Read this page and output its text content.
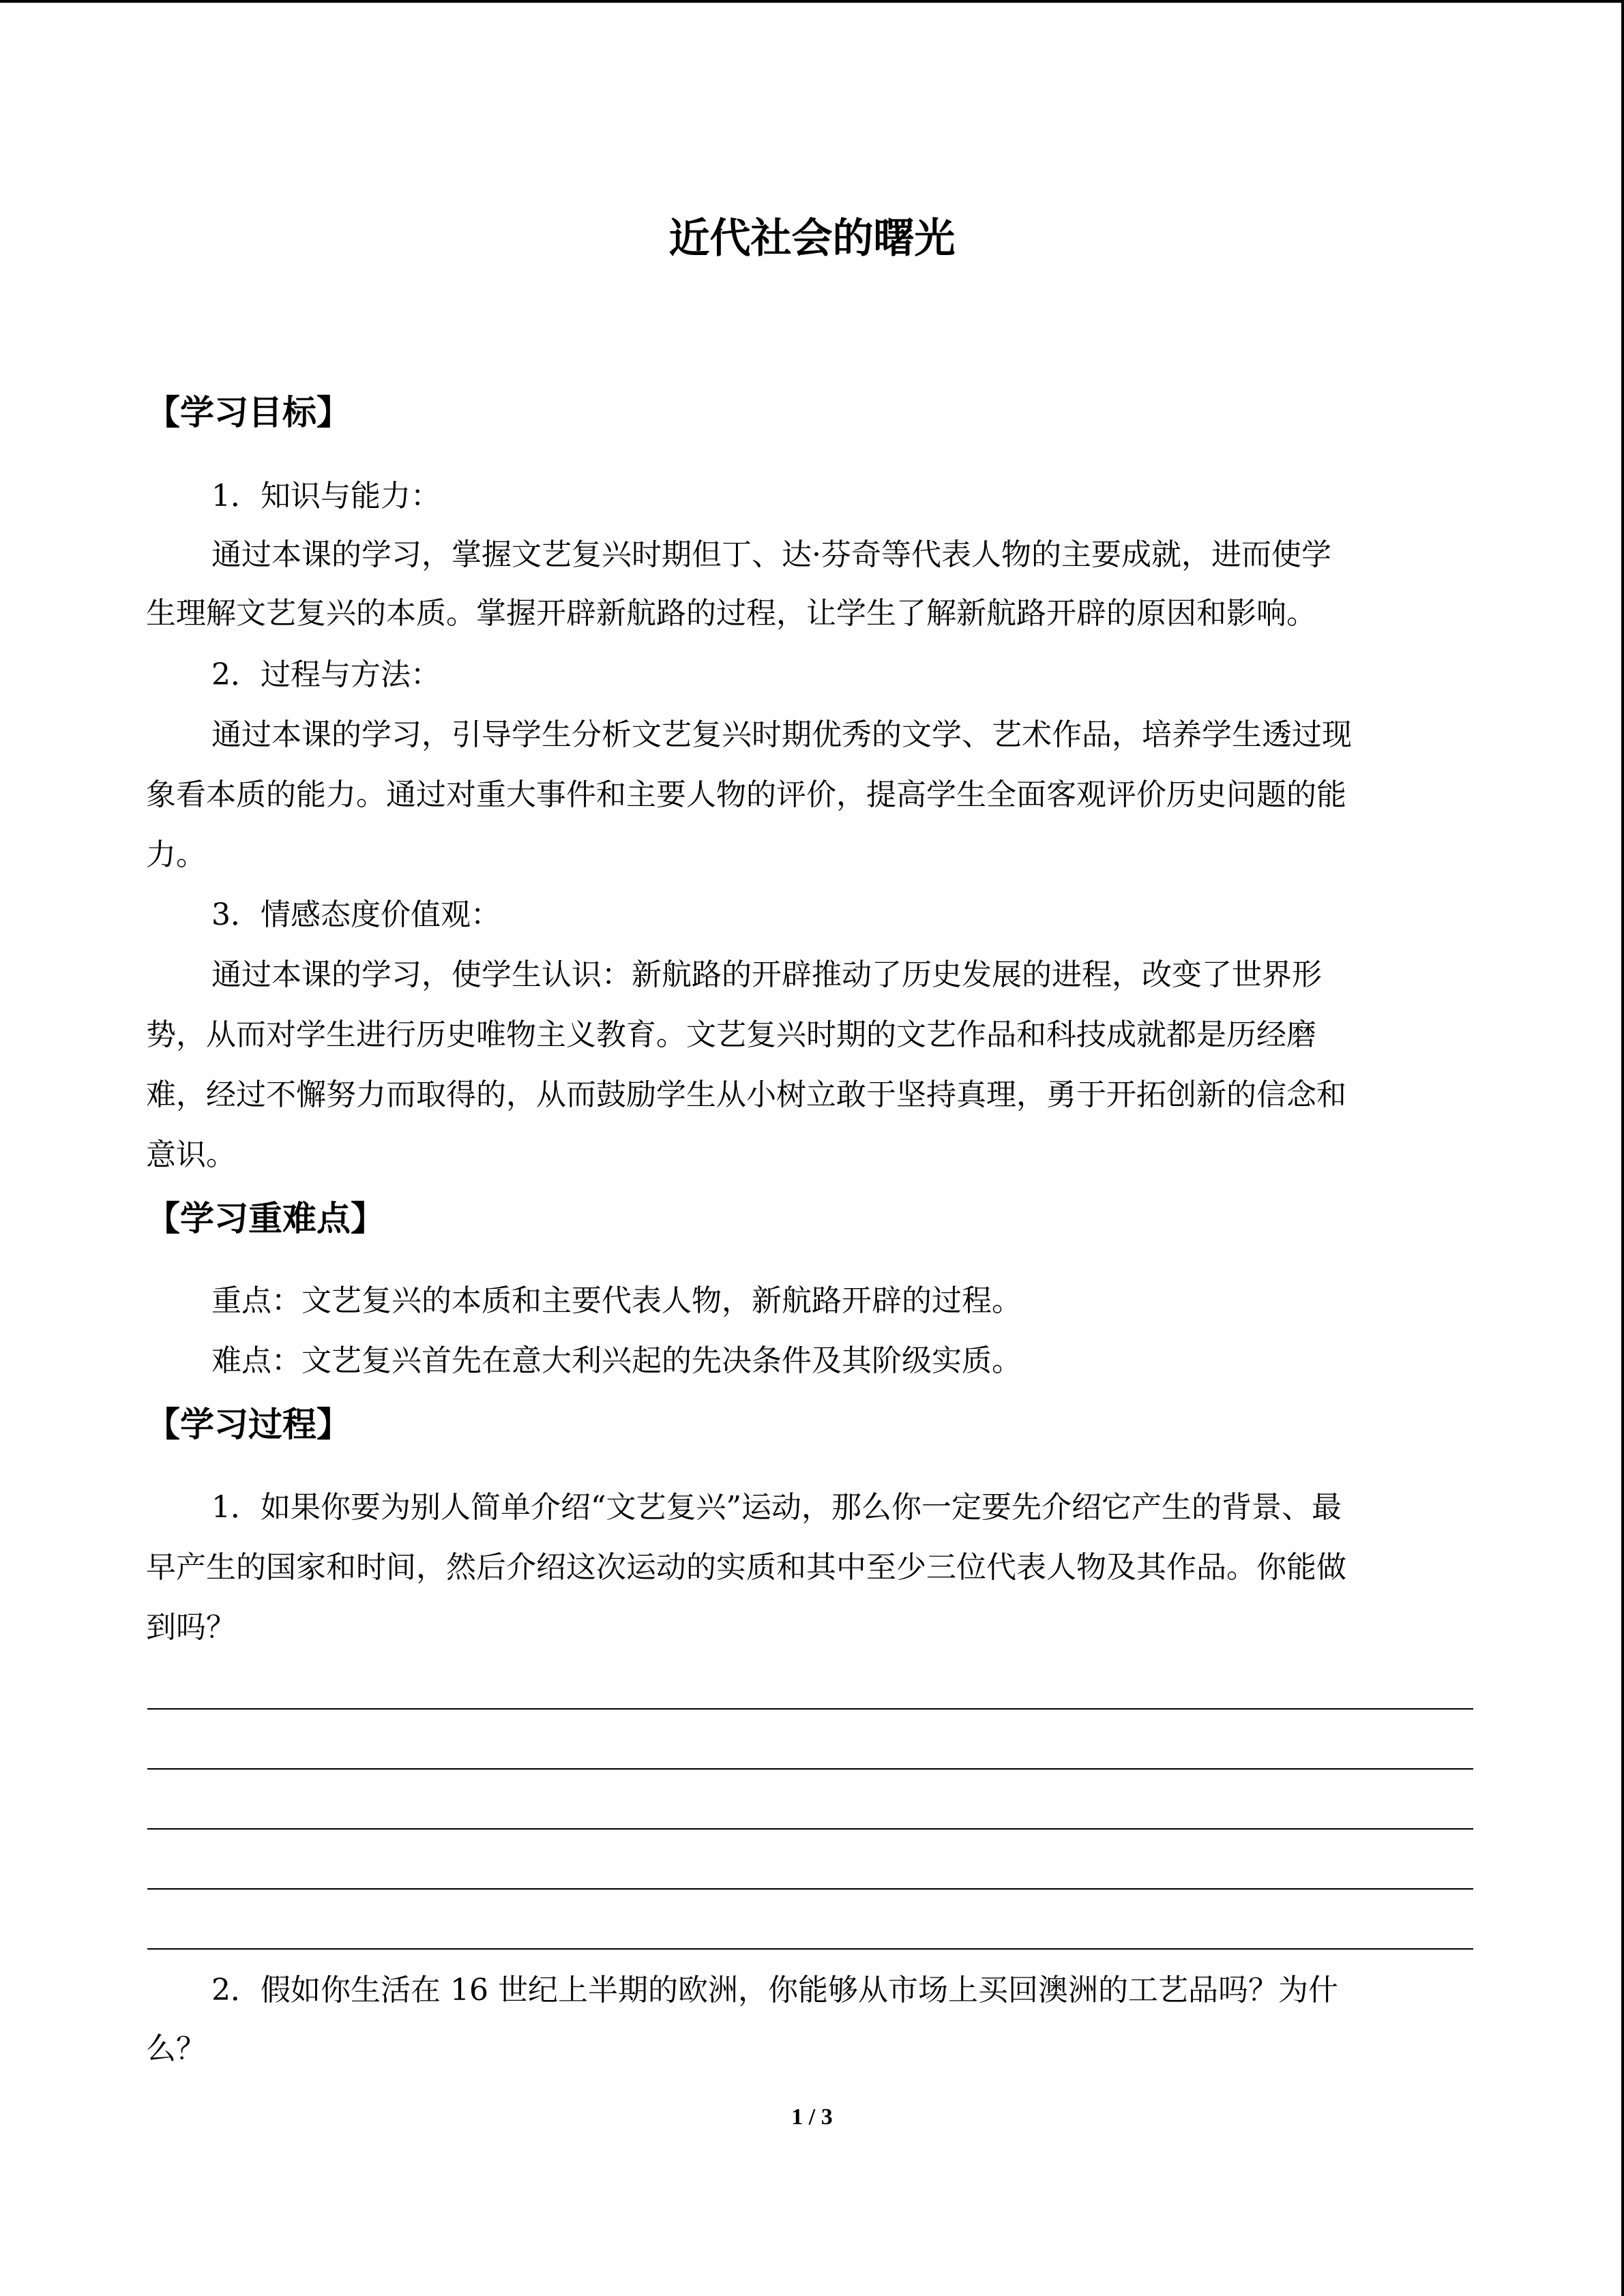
近代社会的曙光
【学习目标】
1．知识与能力：
通过本课的学习，掌握文艺复兴时期但丁、达·芬奇等代表人物的主要成就，进而使学
生理解文艺复兴的本质。掌握开辟新航路的过程，让学生了解新航路开辟的原因和影响。
2．过程与方法：
通过本课的学习，引导学生分析文艺复兴时期优秀的文学、艺术作品，培养学生透过现
象看本质的能力。通过对重大事件和主要人物的评价，提高学生全面客观评价历史问题的能
力。
3．情感态度价值观：
通过本课的学习，使学生认识：新航路的开辟推动了历史发展的进程，改变了世界形
势，从而对学生进行历史唯物主义教育。文艺复兴时期的文艺作品和科技成就都是历经磨
难，经过不懈努力而取得的，从而鼓励学生从小树立敢于坚持真理，勇于开拓创新的信念和
意识。
【学习重难点】
重点：文艺复兴的本质和主要代表人物，新航路开辟的过程。
难点：文艺复兴首先在意大利兴起的先决条件及其阶级实质。
【学习过程】
1．如果你要为别人简单介绍“文艺复兴”运动，那么你一定要先介绍它产生的背景、最
早产生的国家和时间，然后介绍这次运动的实质和其中至少三位代表人物及其作品。你能做
到吗？
2．假如你生活在 16 世纪上半期的欧洲，你能够从市场上买回澳洲的工艺品吗？为什
么？
1 / 3
